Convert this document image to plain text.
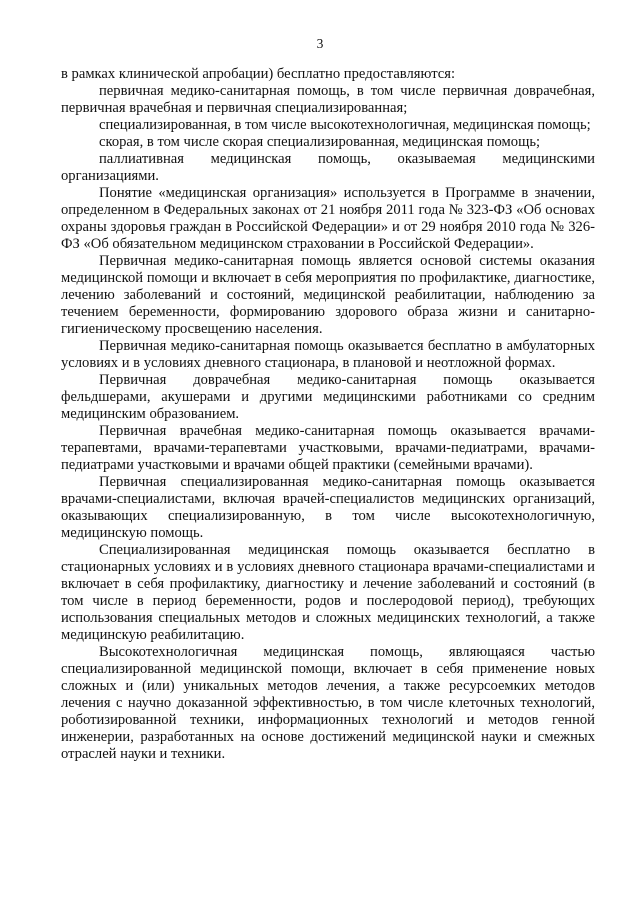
3

в рамках клинической апробации) бесплатно предоставляются:

первичная медико-санитарная помощь, в том числе первичная доврачебная, первичная врачебная и первичная специализированная;

специализированная, в том числе высокотехнологичная, медицинская помощь;

скорая, в том числе скорая специализированная, медицинская помощь;

паллиативная медицинская помощь, оказываемая медицинскими организациями.

Понятие «медицинская организация» используется в Программе в значении, определенном в Федеральных законах от 21 ноября 2011 года № 323-ФЗ «Об основах охраны здоровья граждан в Российской Федерации» и от 29 ноября 2010 года № 326-ФЗ «Об обязательном медицинском страховании в Российской Федерации».

Первичная медико-санитарная помощь является основой системы оказания медицинской помощи и включает в себя мероприятия по профилактике, диагностике, лечению заболеваний и состояний, медицинской реабилитации, наблюдению за течением беременности, формированию здорового образа жизни и санитарно-гигиеническому просвещению населения.

Первичная медико-санитарная помощь оказывается бесплатно в амбулаторных условиях и в условиях дневного стационара, в плановой и неотложной формах.

Первичная доврачебная медико-санитарная помощь оказывается фельдшерами, акушерами и другими медицинскими работниками со средним медицинским образованием.

Первичная врачебная медико-санитарная помощь оказывается врачами-терапевтами, врачами-терапевтами участковыми, врачами-педиатрами, врачами-педиатрами участковыми и врачами общей практики (семейными врачами).

Первичная специализированная медико-санитарная помощь оказывается врачами-специалистами, включая врачей-специалистов медицинских организаций, оказывающих специализированную, в том числе высокотехнологичную, медицинскую помощь.

Специализированная медицинская помощь оказывается бесплатно в стационарных условиях и в условиях дневного стационара врачами-специалистами и включает в себя профилактику, диагностику и лечение заболеваний и состояний (в том числе в период беременности, родов и послеродовой период), требующих использования специальных методов и сложных медицинских технологий, а также медицинскую реабилитацию.

Высокотехнологичная медицинская помощь, являющаяся частью специализированной медицинской помощи, включает в себя применение новых сложных и (или) уникальных методов лечения, а также ресурсоемких методов лечения с научно доказанной эффективностью, в том числе клеточных технологий, роботизированной техники, информационных технологий и методов генной инженерии, разработанных на основе достижений медицинской науки и смежных отраслей науки и техники.
